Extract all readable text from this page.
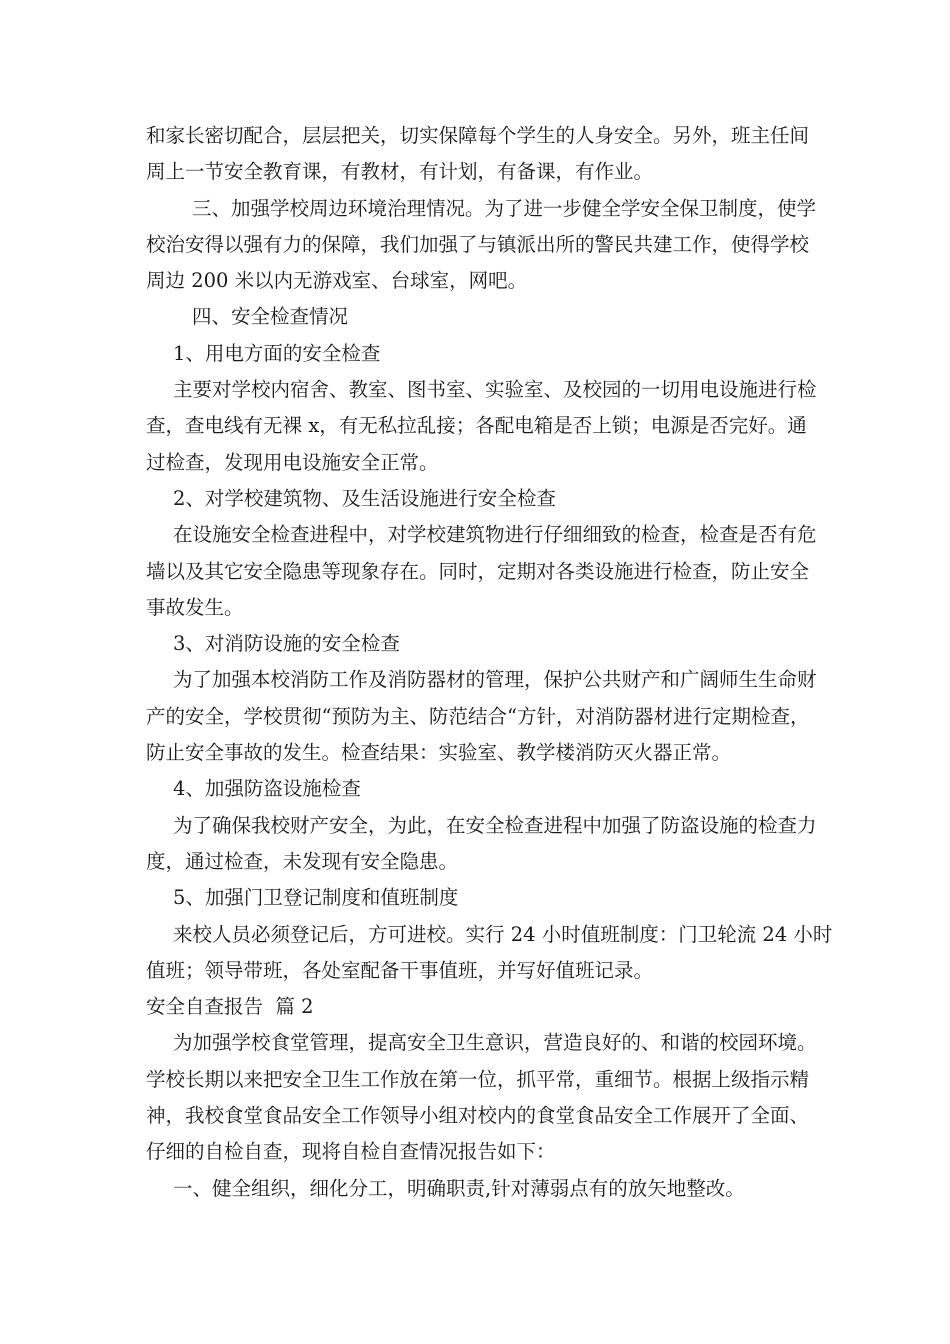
和家长密切配合，层层把关，切实保障每个学生的人身安全。另外，班主任间
周上一节安全教育课，有教材，有计划，有备课，有作业。
三、加强学校周边环境治理情况。为了进一步健全学安全保卫制度，使学
校治安得以强有力的保障，我们加强了与镇派出所的警民共建工作，使得学校
周边 200 米以内无游戏室、台球室，网吧。
四、安全检查情况
1、用电方面的安全检查
主要对学校内宿舍、教室、图书室、实验室、及校园的一切用电设施进行检
查，查电线有无裸 x，有无私拉乱接；各配电箱是否上锁；电源是否完好。通
过检查，发现用电设施安全正常。
2、对学校建筑物、及生活设施进行安全检查
在设施安全检查进程中，对学校建筑物进行仔细细致的检查，检查是否有危
墙以及其它安全隐患等现象存在。同时，定期对各类设施进行检查，防止安全
事故发生。
3、对消防设施的安全检查
为了加强本校消防工作及消防器材的管理，保护公共财产和广阔师生生命财
产的安全，学校贯彻“预防为主、防范结合“方针，对消防器材进行定期检查，
防止安全事故的发生。检查结果：实验室、教学楼消防灭火器正常。
4、加强防盗设施检查
为了确保我校财产安全，为此，在安全检查进程中加强了防盗设施的检查力
度，通过检查，未发现有安全隐患。
5、加强门卫登记制度和值班制度
来校人员必须登记后，方可进校。实行 24 小时值班制度：门卫轮流 24 小时
值班；领导带班，各处室配备干事值班，并写好值班记录。
安全自查报告  篇 2
为加强学校食堂管理，提高安全卫生意识，营造良好的、和谐的校园环境。
学校长期以来把安全卫生工作放在第一位，抓平常，重细节。根据上级指示精
神，我校食堂食品安全工作领导小组对校内的食堂食品安全工作展开了全面、
仔细的自检自查，现将自检自查情况报告如下：
一、健全组织，细化分工，明确职责,针对薄弱点有的放矢地整改。
